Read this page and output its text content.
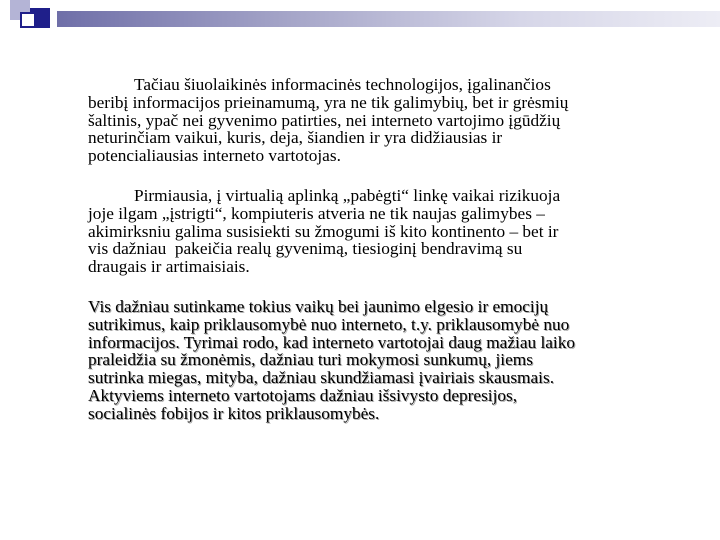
Tačiau šiuolaikinės informacinės technologijos, įgalinančios
beribį informacijos prieinamumą, yra ne tik galimybių, bet ir grėsmių
šaltinis, ypač nei gyvenimo patirties, nei interneto vartojimo įgūdžių
neturinčiam vaikui, kuris, deja, šiandien ir yra didžiausias ir
potencialiausias interneto vartotojas.
Pirmiausia, į virtualią aplinką „pabėgti“ linkę vaikai rizikuoja
joje ilgam „įstrigti“, kompiuteris atveria ne tik naujas galimybes –
akimirksniu galima susisiekti su žmogumi iš kito kontinento – bet ir
vis dažniau  pakeičia realų gyvenimą, tiesioginį bendravimą su
draugais ir artimaisiais.
Vis dažniau sutinkame tokius vaikų bei jaunimo elgesio ir emocijų
sutrikimus, kaip priklausomybė nuo interneto, t.y. priklausomybė nuo
informacijos. Tyrimai rodo, kad interneto vartotojai daug mažiau laiko
praleidžia su žmonėmis, dažniau turi mokymosi sunkumų, jiems
sutrinka miegas, mityba, dažniau skundžiamasi įvairiais skausmais.
Aktyviems interneto vartotojams dažniau išsivysto depresijos,
socialinės fobijos ir kitos priklausomybės.
